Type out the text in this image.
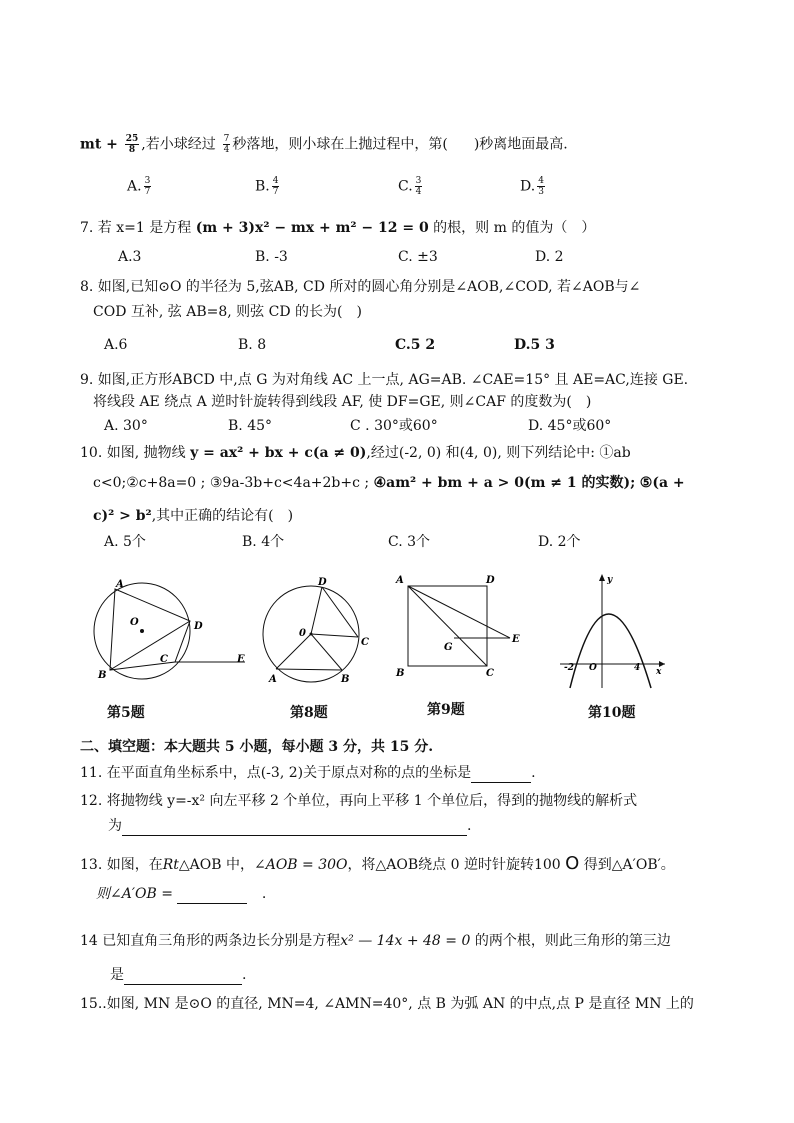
mt + $\frac{25}{8}$ ,若小球经过 $\frac{7}{4}$ 秒落地，则小球在上抛过程中，第( )秒离地面最高.
A. $\frac{3}{7}$	B. $\frac{4}{7}$	C. $\frac{3}{4}$	D. $\frac{4}{3}$
7. 若 x=1 是方程 (m + 3)x² − mx + m² − 12 = 0 的根，则 m 的值为（　）
A.3	B. -3	C. ±3	D. 2
8. 如图,已知⊙O 的半径为 5,弦AB, CD 所对的圆心角分别是∠AOB,∠COD, 若∠AOB与∠
COD 互补, 弦 AB=8, 则弦 CD 的长为(　)
A.6	B. 8	C.5 2	D.5 3
9. 如图,正方形ABCD 中,点 G 为对角线 AC 上一点, AG=AB. ∠CAE=15° 且 AE=AC,连接 GE.
将线段 AE 绕点 A 逆时针旋转得到线段 AF, 使 DF=GE, 则∠CAF 的度数为(　)
A. 30°	B. 45°	C . 30°或60°	D. 45°或60°
10. 如图, 抛物线 y = ax² + bx + c(a ≠ 0),经过(-2, 0) 和(4, 0), 则下列结论中: ①ab
c<0;②c+8a=0 ; ③9a-3b+c<4a+2b+c ; ④am² + bm + a > 0(m ≠ 1 的实数); ⑤(a +
c)² > b²,其中正确的结论有(　)
A. 5个	B. 4个	C. 3个	D. 2个
A
O	D
B
C	E
第5题
D
0
C
A	B
第8题
A	D
G
E
B	C
第9题
y
-2 O	4 x
第10题
二、填空题：本大题共 5 小题，每小题 3 分，共 15 分.
11. 在平面直角坐标系中，点(-3, 2)关于原点对称的点的坐标是	.
12. 将抛物线 y=-x² 向左平移 2 个单位，再向上平移 1 个单位后，得到的抛物线的解析式
为	.
13. 如图，在Rt△AOB 中，∠AOB = 30O，将△AOB绕点 0 逆时针旋转100 O 得到△A′OB′。
则∠A′OB =	.
14 已知直角三角形的两条边长分别是方程x² — 14x + 48 = 0 的两个根，则此三角形的第三边
是	.
15..如图, MN 是⊙O 的直径, MN=4, ∠AMN=40°, 点 B 为弧 AN 的中点,点 P 是直径 MN 上的
